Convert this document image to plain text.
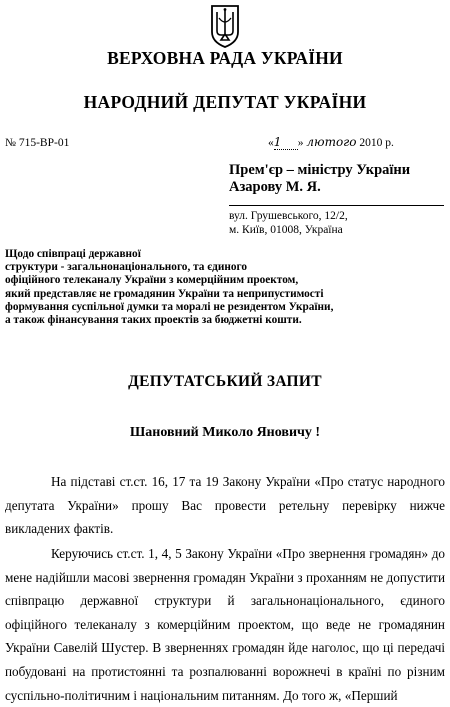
ВЕРХОВНА РАДА УКРАЇНИ
НАРОДНИЙ ДЕПУТАТ УКРАЇНИ
№ 715-ВР-01	«1 » лютого 2010 р.
Прем'єр – міністру України
Азарову М. Я.
вул. Грушевського, 12/2,
м. Київ, 01008, Україна
Щодо співпраці державної
структури - загальнонаціонального, та єдиного
офіційного телеканалу України з комерційним проектом,
який представляє не громадянин України та неприпустимості
формування суспільної думки та моралі не резидентом України,
а також фінансування таких проектів за бюджетні кошти.
ДЕПУТАТСЬКИЙ ЗАПИТ
Шановний Миколо Яновичу !

На підставі ст.ст. 16, 17 та 19 Закону України «Про статус народного депутата України» прошу Вас провести ретельну перевірку нижче викладених фактів.

Керуючись ст.ст. 1, 4, 5 Закону України «Про звернення громадян» до мене надійшли масові звернення громадян України з проханням не допустити співпрацю державної структури й загальнонаціонального, єдиного офіційного телеканалу з комерційним проектом, що веде не громадянин України Савелій Шустер. В зверненнях громадян йде наголос, що ці передачі побудовані на протистоянні та розпалюванні ворожнечі в країні по різним суспільно-політичним і національним питанням. До того ж, «Перший
